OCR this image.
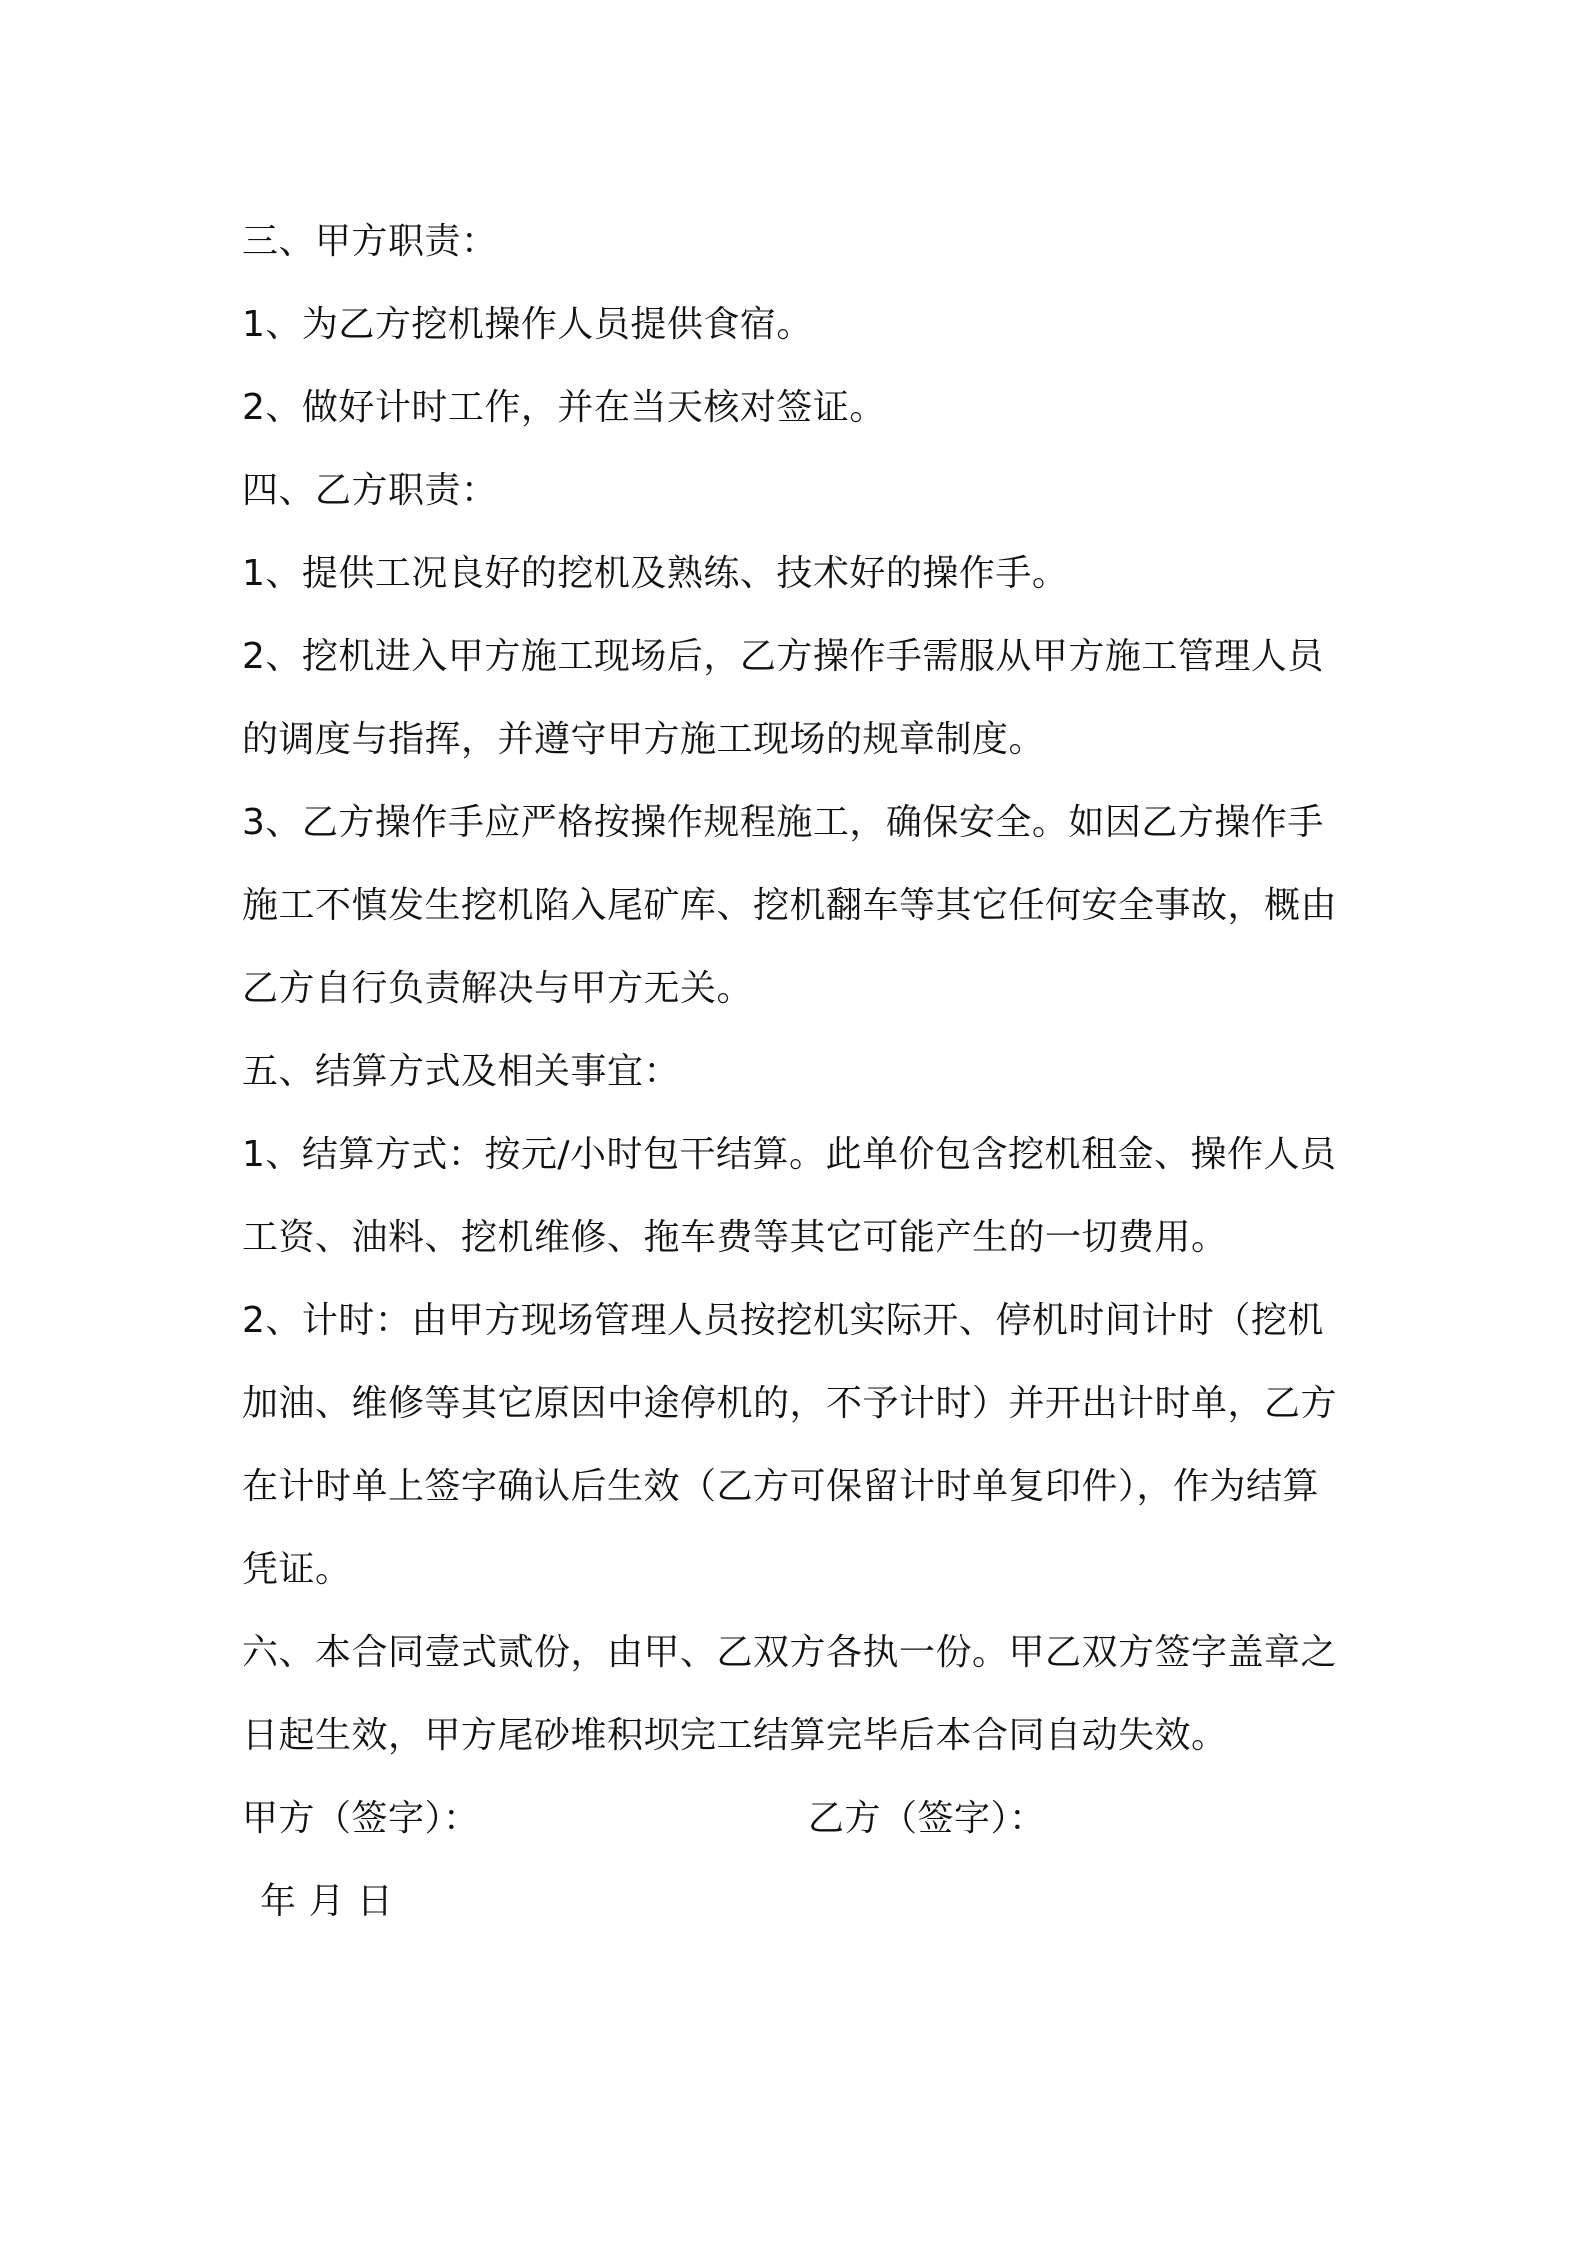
三、甲方职责：
1、为乙方挖机操作人员提供食宿。
2、做好计时工作，并在当天核对签证。
四、乙方职责：
1、提供工况良好的挖机及熟练、技术好的操作手。
2、挖机进入甲方施工现场后，乙方操作手需服从甲方施工管理人员
的调度与指挥，并遵守甲方施工现场的规章制度。
3、乙方操作手应严格按操作规程施工，确保安全。如因乙方操作手
施工不慎发生挖机陷入尾矿库、挖机翻车等其它任何安全事故，概由
乙方自行负责解决与甲方无关。
五、结算方式及相关事宜：
1、结算方式：按元/小时包干结算。此单价包含挖机租金、操作人员
工资、油料、挖机维修、拖车费等其它可能产生的一切费用。
2、计时：由甲方现场管理人员按挖机实际开、停机时间计时（挖机
加油、维修等其它原因中途停机的，不予计时）并开出计时单，乙方
在计时单上签字确认后生效（乙方可保留计时单复印件），作为结算
凭证。
六、本合同壹式贰份，由甲、乙双方各执一份。甲乙双方签字盖章之
日起生效，甲方尾砂堆积坝完工结算完毕后本合同自动失效。
甲方（签字）：	乙方（签字）：
年 月 日
